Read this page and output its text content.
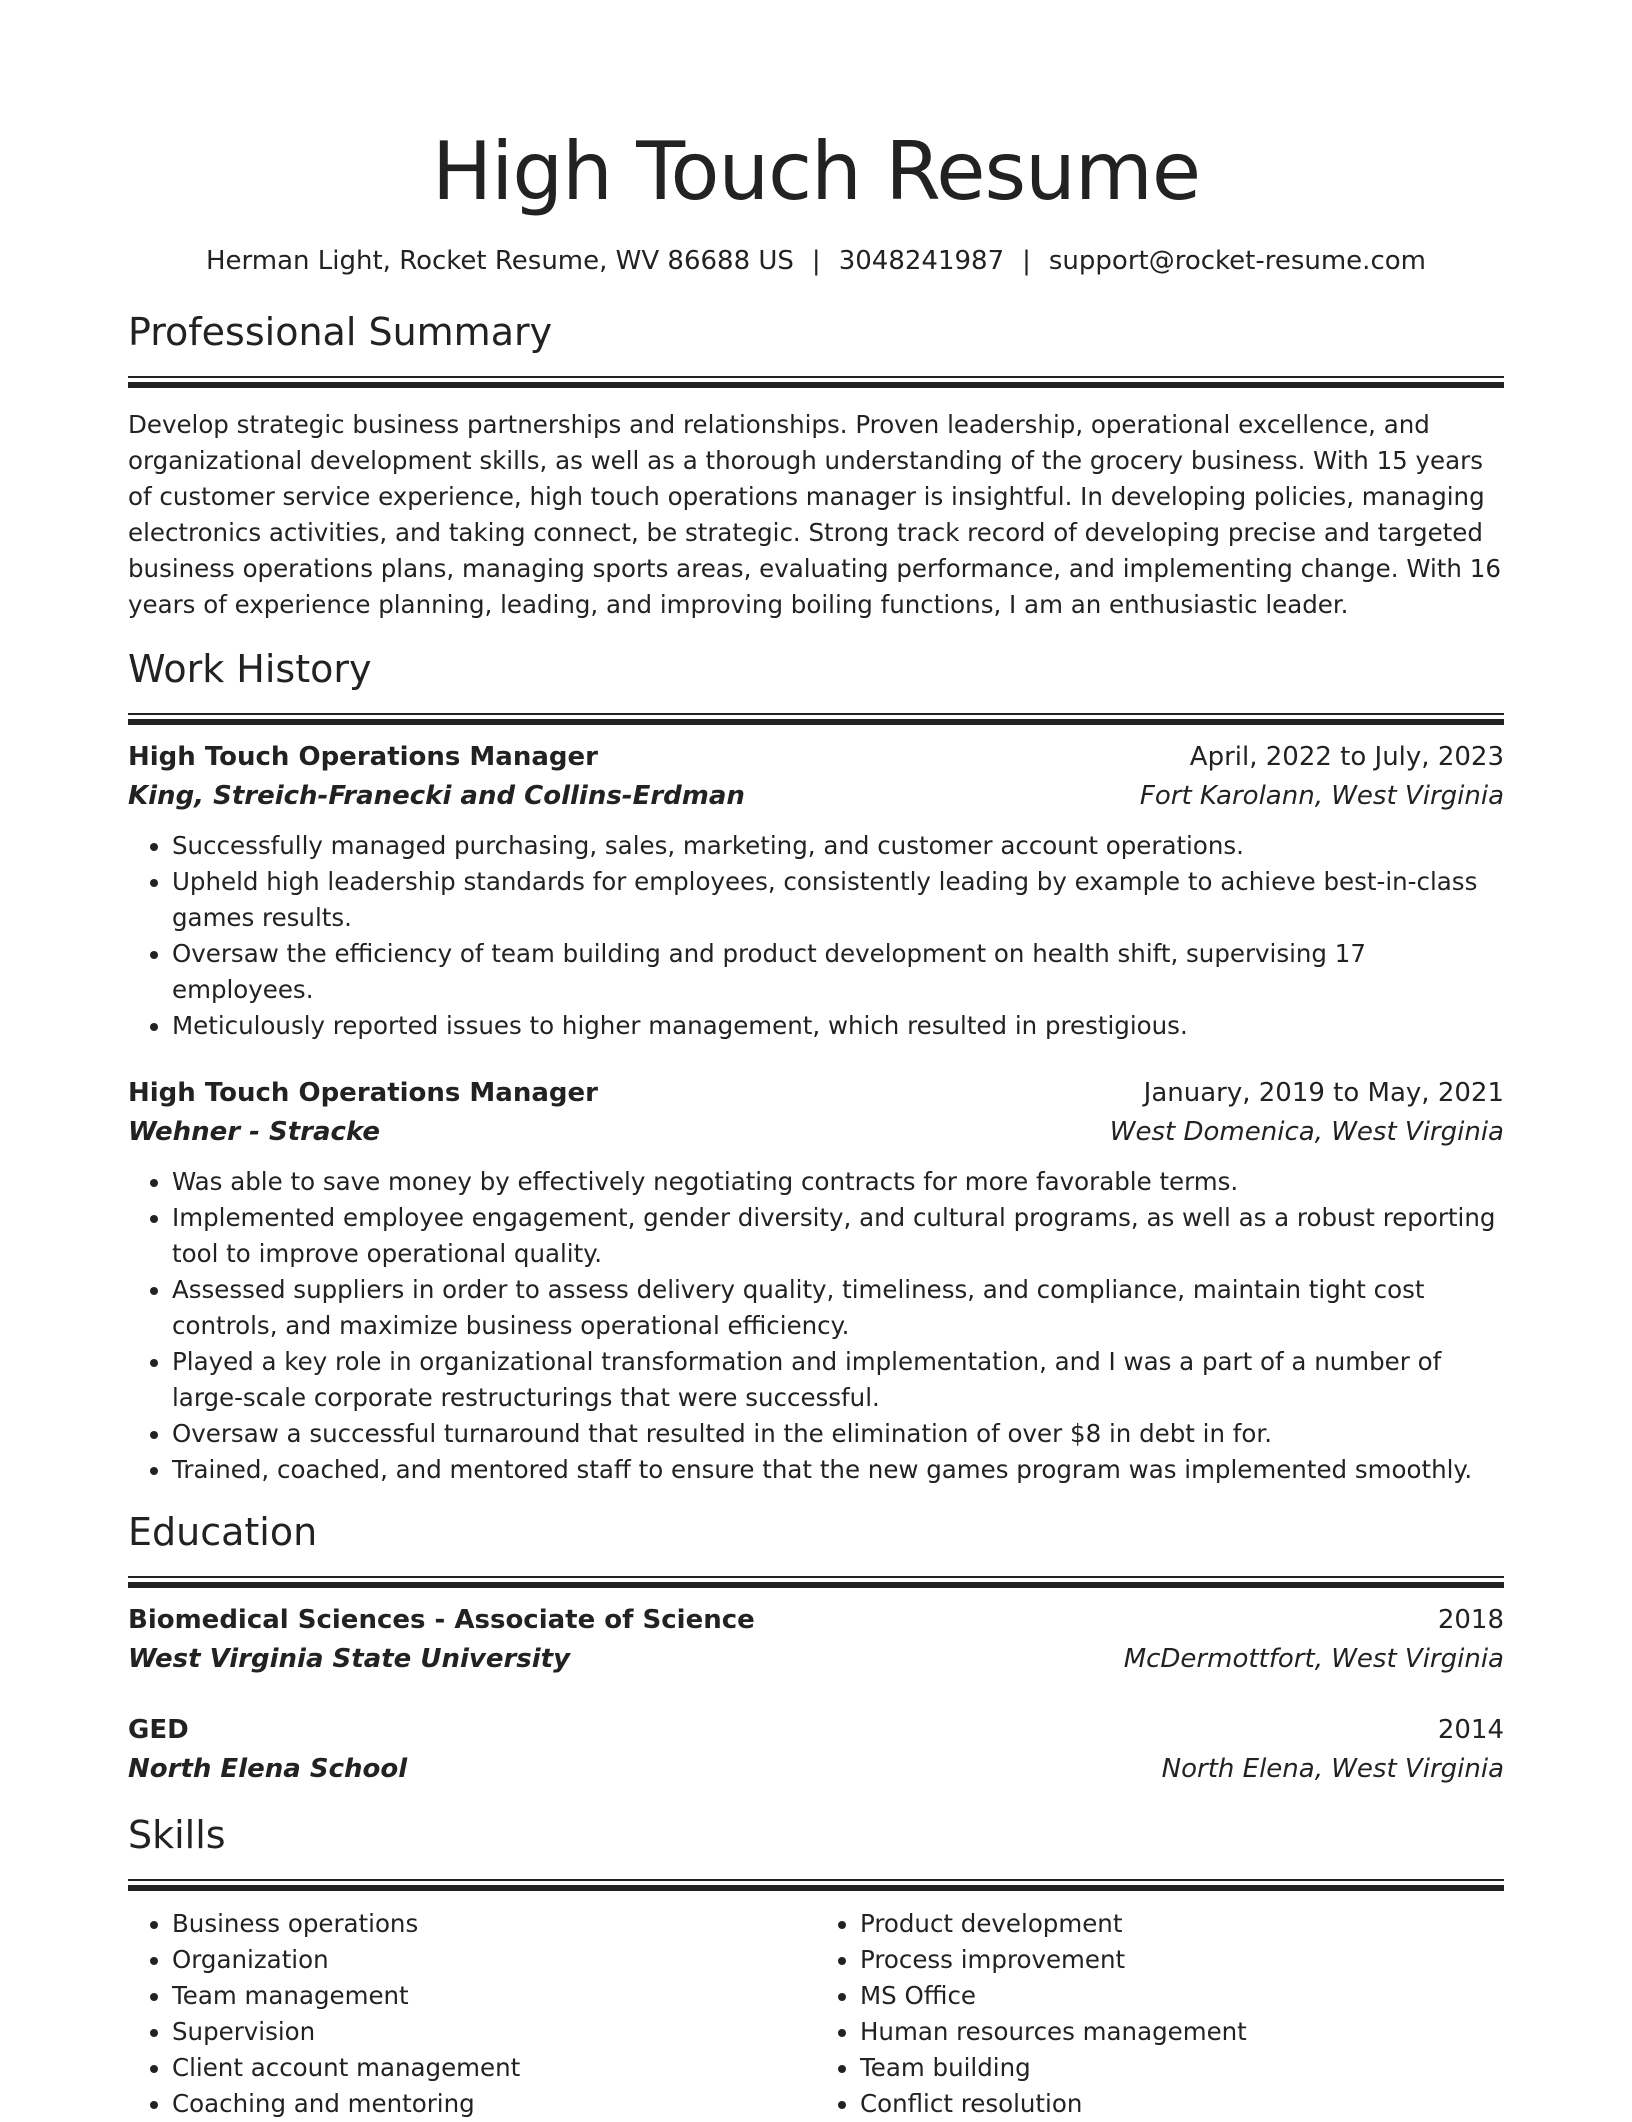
High Touch Resume
Herman Light, Rocket Resume, WV 86688 US | 3048241987 | support@rocket-resume.com
Professional Summary
Develop strategic business partnerships and relationships. Proven leadership, operational excellence, and organizational development skills, as well as a thorough understanding of the grocery business. With 15 years of customer service experience, high touch operations manager is insightful. In developing policies, managing electronics activities, and taking connect, be strategic. Strong track record of developing precise and targeted business operations plans, managing sports areas, evaluating performance, and implementing change. With 16 years of experience planning, leading, and improving boiling functions, I am an enthusiastic leader.
Work History
High Touch Operations Manager	April, 2022 to July, 2023
King, Streich-Franecki and Collins-Erdman	Fort Karolann, West Virginia
• Successfully managed purchasing, sales, marketing, and customer account operations.
• Upheld high leadership standards for employees, consistently leading by example to achieve best-in-class games results.
• Oversaw the efficiency of team building and product development on health shift, supervising 17 employees.
• Meticulously reported issues to higher management, which resulted in prestigious.
High Touch Operations Manager	January, 2019 to May, 2021
Wehner - Stracke	West Domenica, West Virginia
• Was able to save money by effectively negotiating contracts for more favorable terms.
• Implemented employee engagement, gender diversity, and cultural programs, as well as a robust reporting tool to improve operational quality.
• Assessed suppliers in order to assess delivery quality, timeliness, and compliance, maintain tight cost controls, and maximize business operational efficiency.
• Played a key role in organizational transformation and implementation, and I was a part of a number of large-scale corporate restructurings that were successful.
• Oversaw a successful turnaround that resulted in the elimination of over $8 in debt in for.
• Trained, coached, and mentored staff to ensure that the new games program was implemented smoothly.
Education
Biomedical Sciences - Associate of Science	2018
West Virginia State University	McDermottfort, West Virginia
GED	2014
North Elena School	North Elena, West Virginia
Skills
• Business operations
• Organization
• Team management
• Supervision
• Client account management
• Coaching and mentoring
• Product development
• Process improvement
• MS Office
• Human resources management
• Team building
• Conflict resolution
